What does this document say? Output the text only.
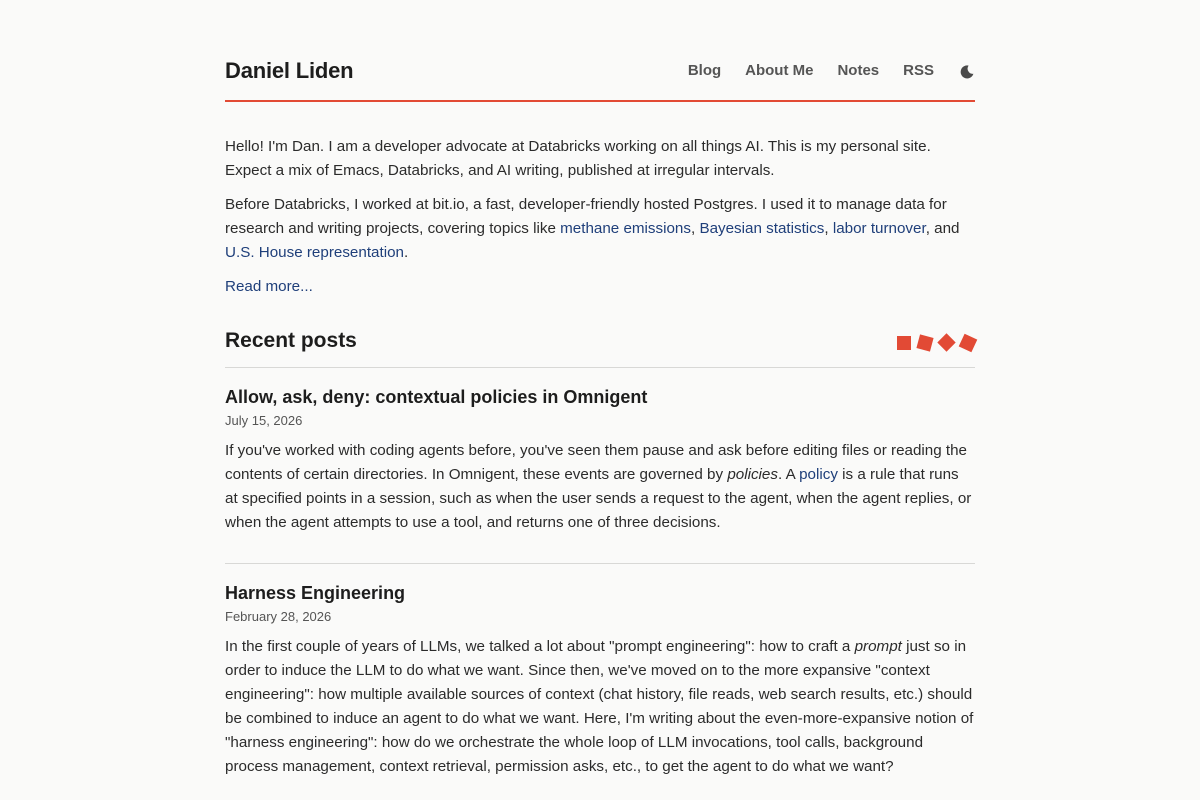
Daniel Liden	Blog About Me Notes RSS

Hello! I'm Dan. I am a developer advocate at Databricks working on all things AI. This is my personal site. Expect a mix of Emacs, Databricks, and AI writing, published at irregular intervals.

Before Databricks, I worked at bit.io, a fast, developer-friendly hosted Postgres. I used it to manage data for research and writing projects, covering topics like methane emissions, Bayesian statistics, labor turnover, and U.S. House representation.

Read more...
Recent posts
Allow, ask, deny: contextual policies in Omnigent
July 15, 2026

If you've worked with coding agents before, you've seen them pause and ask before editing files or reading the contents of certain directories. In Omnigent, these events are governed by policies. A policy is a rule that runs at specified points in a session, such as when the user sends a request to the agent, when the agent replies, or when the agent attempts to use a tool, and returns one of three decisions.

Harness Engineering
February 28, 2026

In the first couple of years of LLMs, we talked a lot about "prompt engineering": how to craft a prompt just so in order to induce the LLM to do what we want. Since then, we've moved on to the more expansive "context engineering": how multiple available sources of context (chat history, file reads, web search results, etc.) should be combined to induce an agent to do what we want. Here, I'm writing about the even-more-expansive notion of "harness engineering": how do we orchestrate the whole loop of LLM invocations, tool calls, background process management, context retrieval, permission asks, etc., to get the agent to do what we want?
